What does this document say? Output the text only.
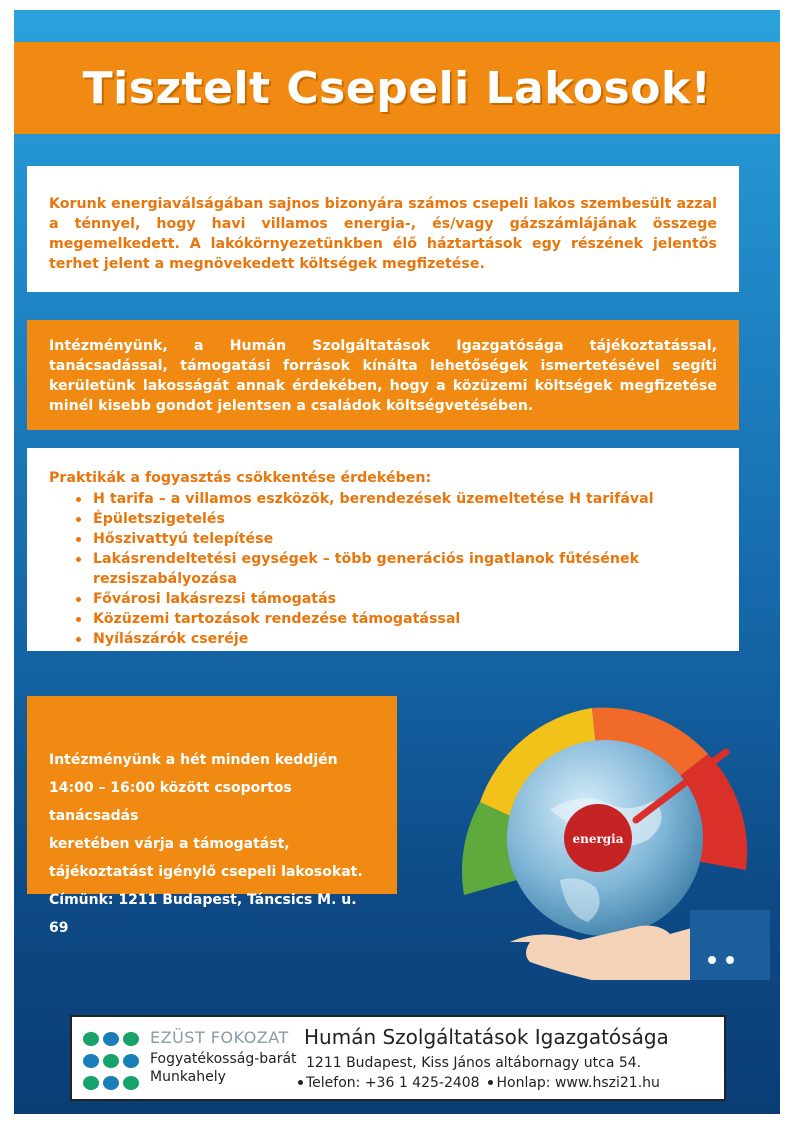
Tisztelt Csepeli Lakosok!

Korunk energiaválságában sajnos bizonyára számos csepeli lakos szembesült azzal a ténnyel, hogy havi villamos energia-, és/vagy gázszámlájának összege megemelkedett. A lakókörnyezetünkben élő háztartások egy részének jelentős terhet jelent a megnövekedett költségek megfizetése.

Intézményünk, a Humán Szolgáltatások Igazgatósága tájékoztatással, tanácsadással, támogatási források kínálta lehetőségek ismertetésével segíti kerületünk lakosságát annak érdekében, hogy a közüzemi költségek megfizetése minél kisebb gondot jelentsen a családok költségvetésében.

Praktikák a fogyasztás csökkentése érdekében:

H tarifa – a villamos eszközök, berendezések üzemeltetése H tarifával
Épületszigetelés
Hőszivattyú telepítése
Lakásrendeltetési egységek – több generációs ingatlanok fűtésének rezsiszabályozása
Fővárosi lakásrezsi támogatás
Közüzemi tartozások rendezése támogatással
Nyílászárók cseréje
Intézményünk a hét minden keddjén
14:00 – 16:00 között csoportos tanácsadás
keretében várja a támogatást,
tájékoztatást igénylő csepeli lakosokat.
Címünk: 1211 Budapest, Táncsics M. u. 69
energia
EZÜST FOKOZAT
Fogyatékosság-barát
Munkahely
Humán Szolgáltatások Igazgatósága
1211 Budapest, Kiss János altábornagy utca 54.
Telefon: +36 1 425-2408 Honlap: www.hszi21.hu
